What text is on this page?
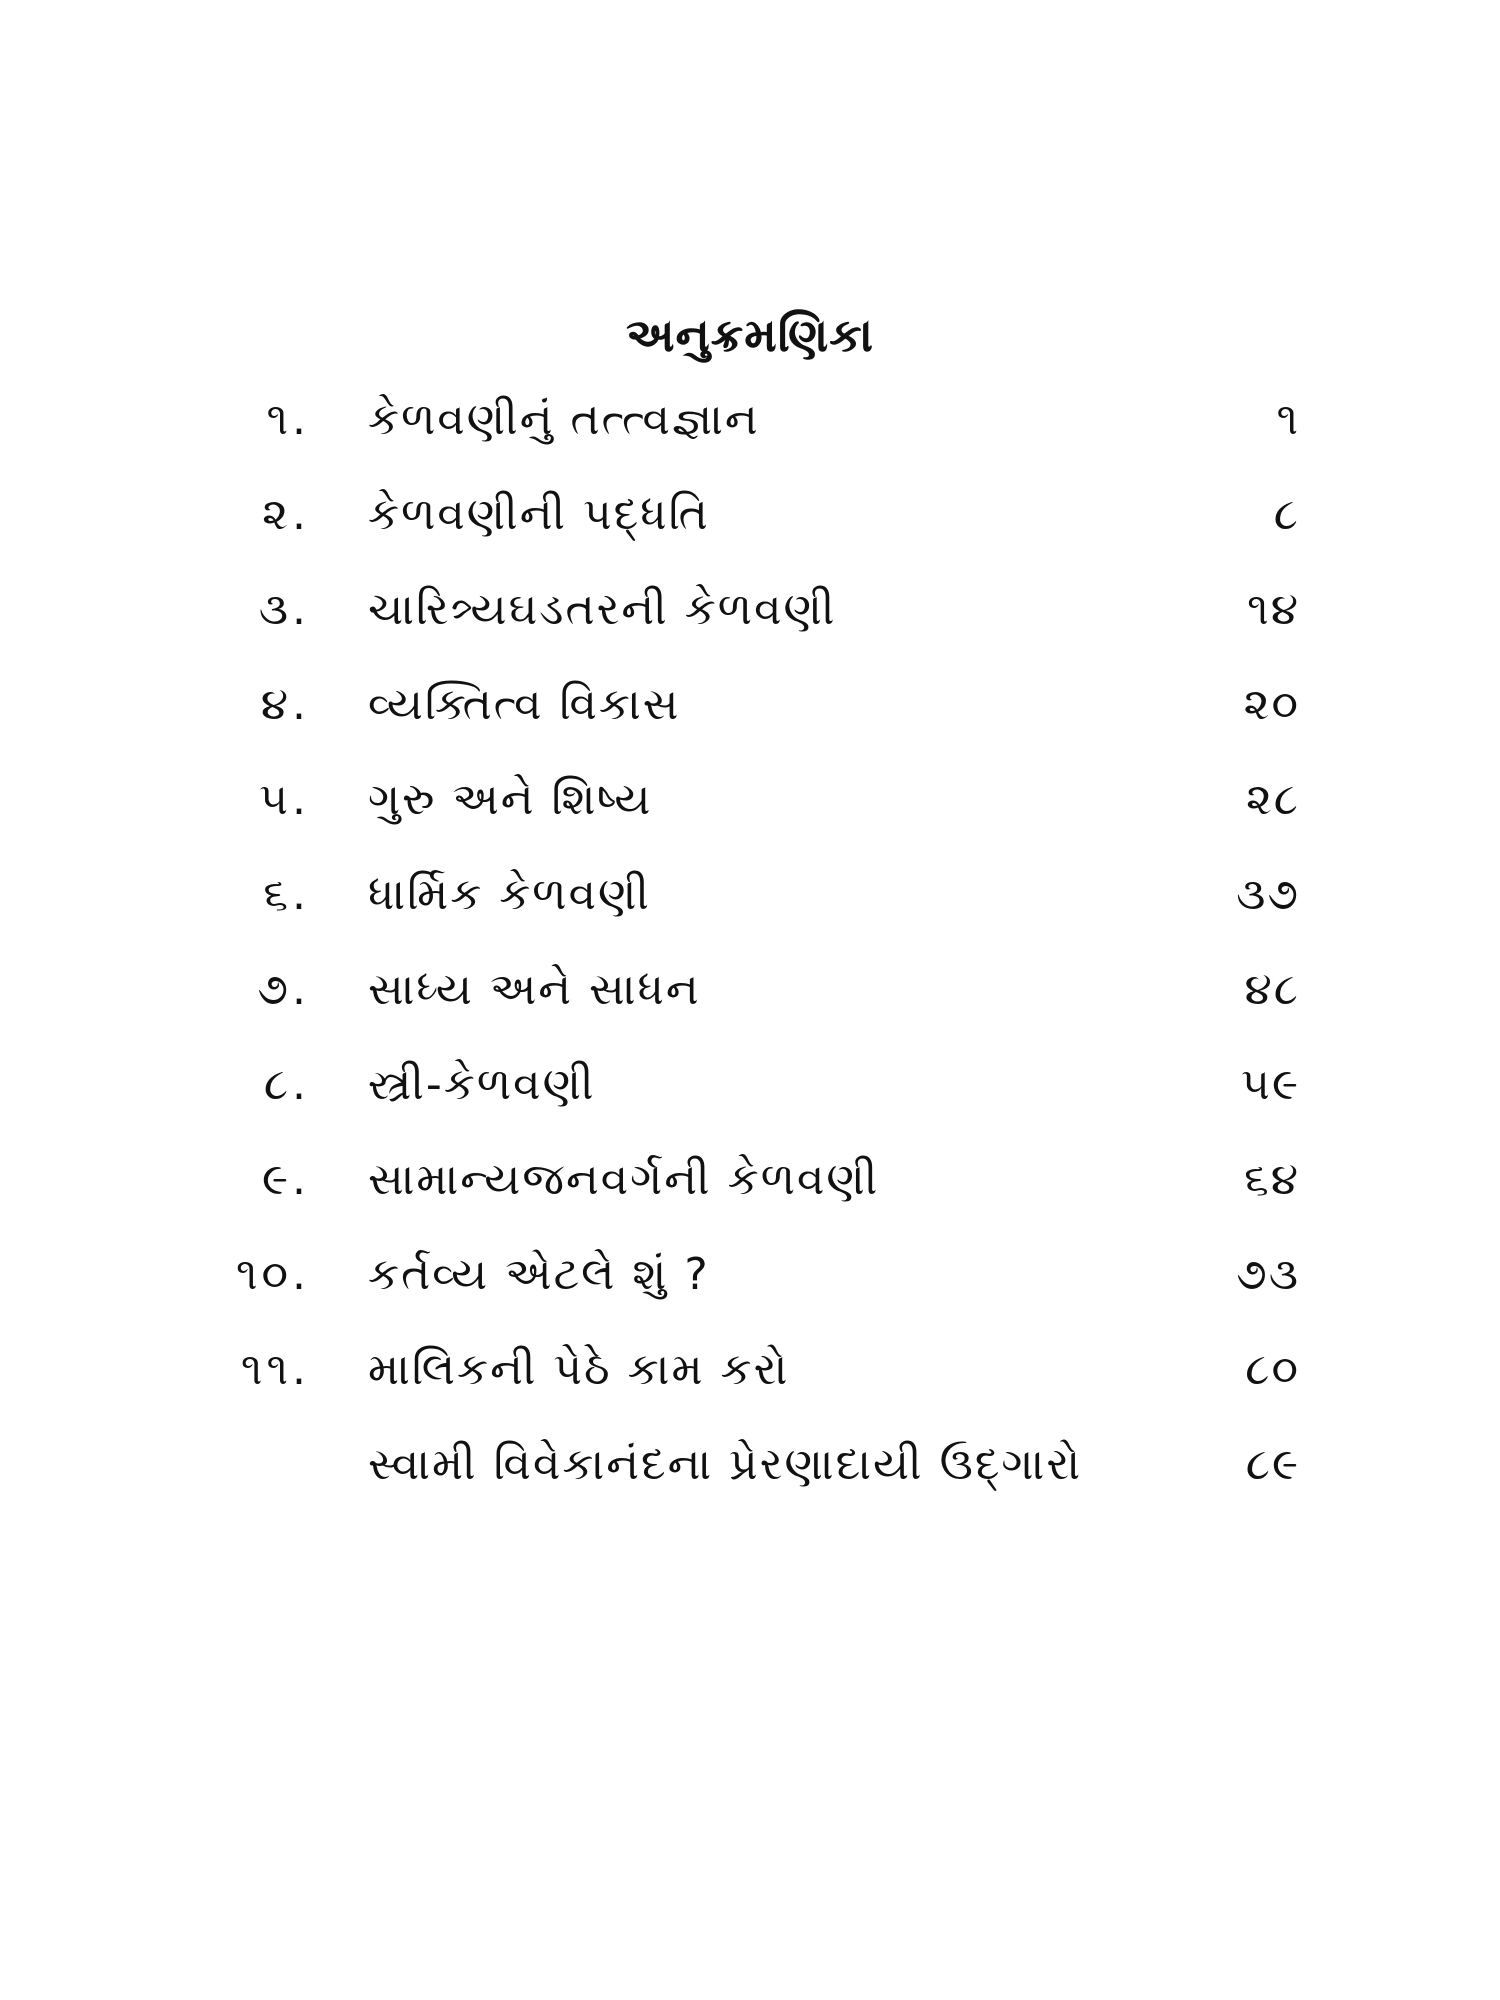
અનુક્રમણિકા
૧. કેળવણીનું તત્ત્વજ્ઞાન	૧
૨. કેળવણીની પદ્ધતિ	૮
૩. ચારિત્ર્યઘડતરની કેળવણી	૧૪
૪. વ્યક્તિત્વ વિકાસ	૨૦
૫. ગુરુ અને શિષ્ય	૨૮
૬. ધાર્મિક કેળવણી	૩૭
૭. સાધ્ય અને સાધન	૪૮
૮. સ્ત્રી-કેળવણી	૫૯
૯. સામાન્યજનવર્ગની કેળવણી	૬૪
૧૦. કર્તવ્ય એટલે શું ?	૭૩
૧૧. માલિકની પેઠે કામ કરો	૮૦
સ્વામી વિવેકાનંદના પ્રેરણાદાયી ઉદ્ગારો	૮૯
